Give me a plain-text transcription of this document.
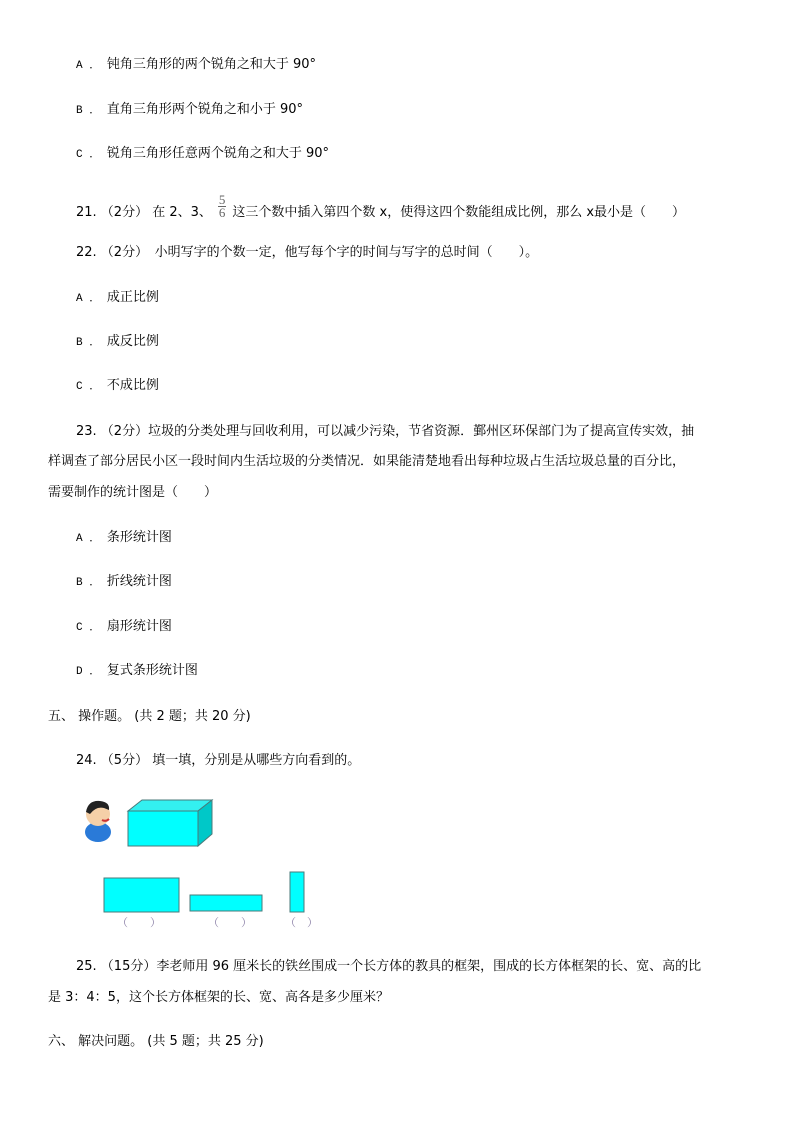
A ． 钝角三角形的两个锐角之和大于 90°
B ． 直角三角形两个锐角之和小于 90°
C ． 锐角三角形任意两个锐角之和大于 90°
21. （2分） 在 2、3、 $\frac{5}{6}$ 这三个数中插入第四个数 x，使得这四个数能组成比例，那么 x最小是（　　）
22. （2分）　小明写字的个数一定，他写每个字的时间与写字的总时间（　　）。
A ． 成正比例
B ． 成反比例
C ． 不成比例
23. （2分）垃圾的分类处理与回收利用，可以减少污染，节省资源．鄞州区环保部门为了提高宣传实效，抽
样调查了部分居民小区一段时间内生活垃圾的分类情况．如果能清楚地看出每种垃圾占生活垃圾总量的百分比，
需要制作的统计图是（　　）
A ． 条形统计图
B ． 折线统计图
C ． 扇形统计图
D ． 复式条形统计图
五、 操作题。 (共 2 题；共 20 分)
24. （5分） 填一填，分别是从哪些方向看到的。
（　　）	（　　）	（　）
25. （15分）李老师用 96 厘米长的铁丝围成一个长方体的教具的框架，围成的长方体框架的长、宽、高的比
是 3：4：5，这个长方体框架的长、宽、高各是多少厘米？
六、 解决问题。 (共 5 题；共 25 分)
